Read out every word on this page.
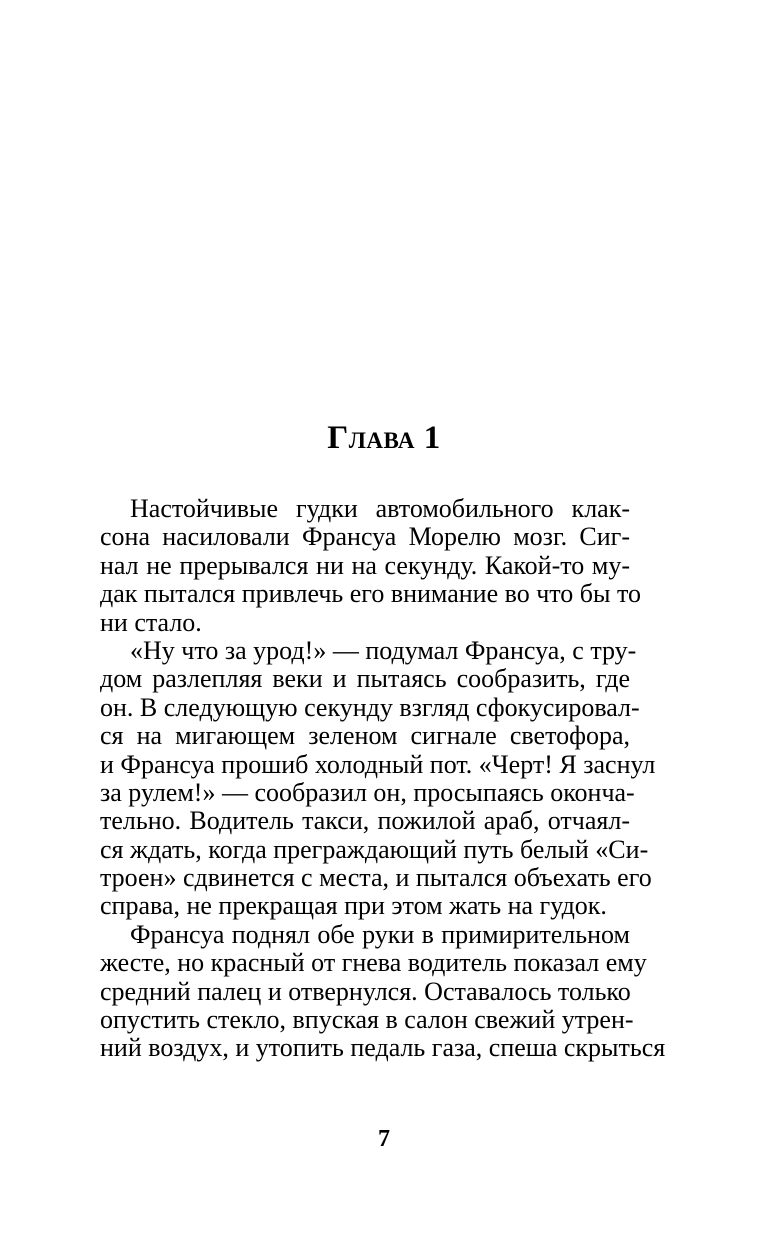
Глава 1
Настойчивые гудки автомобильного клак-
сона насиловали Франсуа Морелю мозг. Сиг-
нал не прерывался ни на секунду. Какой-то му-
дак пытался привлечь его внимание во что бы то
ни стало.
«Ну что за урод!» — подумал Франсуа, с тру-
дом разлепляя веки и пытаясь сообразить, где
он. В следующую секунду взгляд сфокусировал-
ся на мигающем зеленом сигнале светофора,
и Франсуа прошиб холодный пот. «Черт! Я заснул
за рулем!» — сообразил он, просыпаясь оконча-
тельно. Водитель такси, пожилой араб, отчаял-
ся ждать, когда преграждающий путь белый «Си-
троен» сдвинется с места, и пытался объехать его
справа, не прекращая при этом жать на гудок.
Франсуа поднял обе руки в примирительном
жесте, но красный от гнева водитель показал ему
средний палец и отвернулся. Оставалось только
опустить стекло, впуская в салон свежий утрен-
ний воздух, и утопить педаль газа, спеша скрыться
7
